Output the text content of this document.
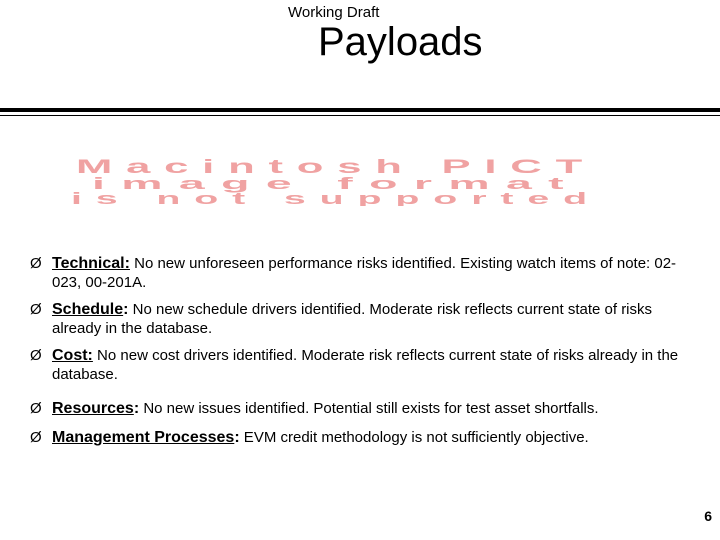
Working Draft
Payloads
Macintosh PICT
image format
is not supported
Ø Technical: No new unforeseen performance risks identified. Existing watch items of note: 02-023, 00-201A.
Ø Schedule: No new schedule drivers identified. Moderate risk reflects current state of risks already in the database.
Ø Cost: No new cost drivers identified. Moderate risk reflects current state of risks already in the database.
Ø Resources: No new issues identified. Potential still exists for test asset shortfalls.
Ø Management Processes: EVM credit methodology is not sufficiently objective.
6
